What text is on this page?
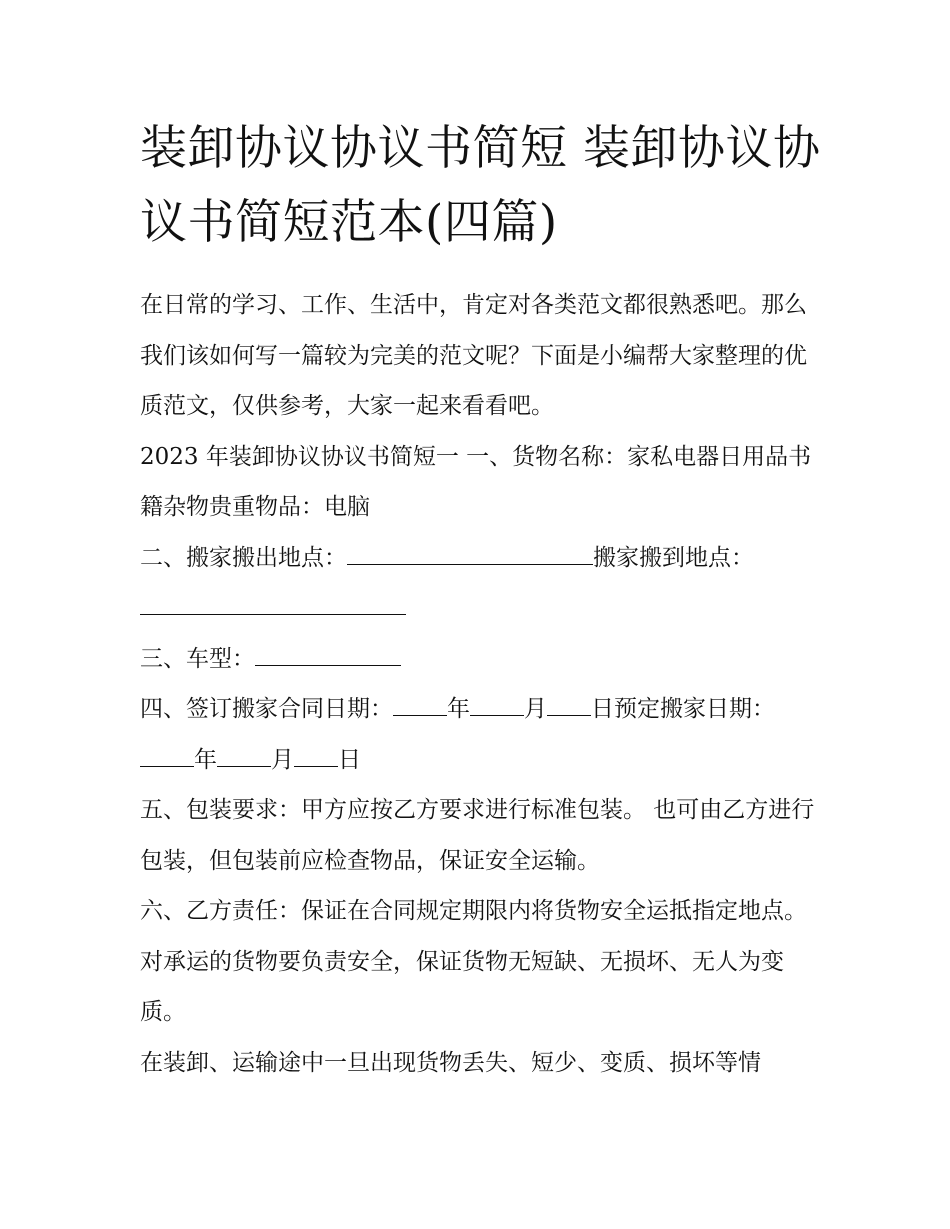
装卸协议协议书简短 装卸协议协议书简短范本(四篇)

在日常的学习、工作、生活中，肯定对各类范文都很熟悉吧。那么我们该如何写一篇较为完美的范文呢？下面是小编帮大家整理的优质范文，仅供参考，大家一起来看看吧。

2023 年装卸协议协议书简短一 一、货物名称：家私电器日用品书籍杂物贵重物品：电脑

二、搬家搬出地点：	搬家搬到地点：

三、车型：

四、签订搬家合同日期： 年 月 日预定搬家日期：年 月 日

五、包装要求：甲方应按乙方要求进行标准包装。 也可由乙方进行包装，但包装前应检查物品，保证安全运输。

六、乙方责任：保证在合同规定期限内将货物安全运抵指定地点。 对承运的货物要负责安全，保证货物无短缺、无损坏、无人为变质。

在装卸、运输途中一旦出现货物丢失、短少、变质、损坏等情
